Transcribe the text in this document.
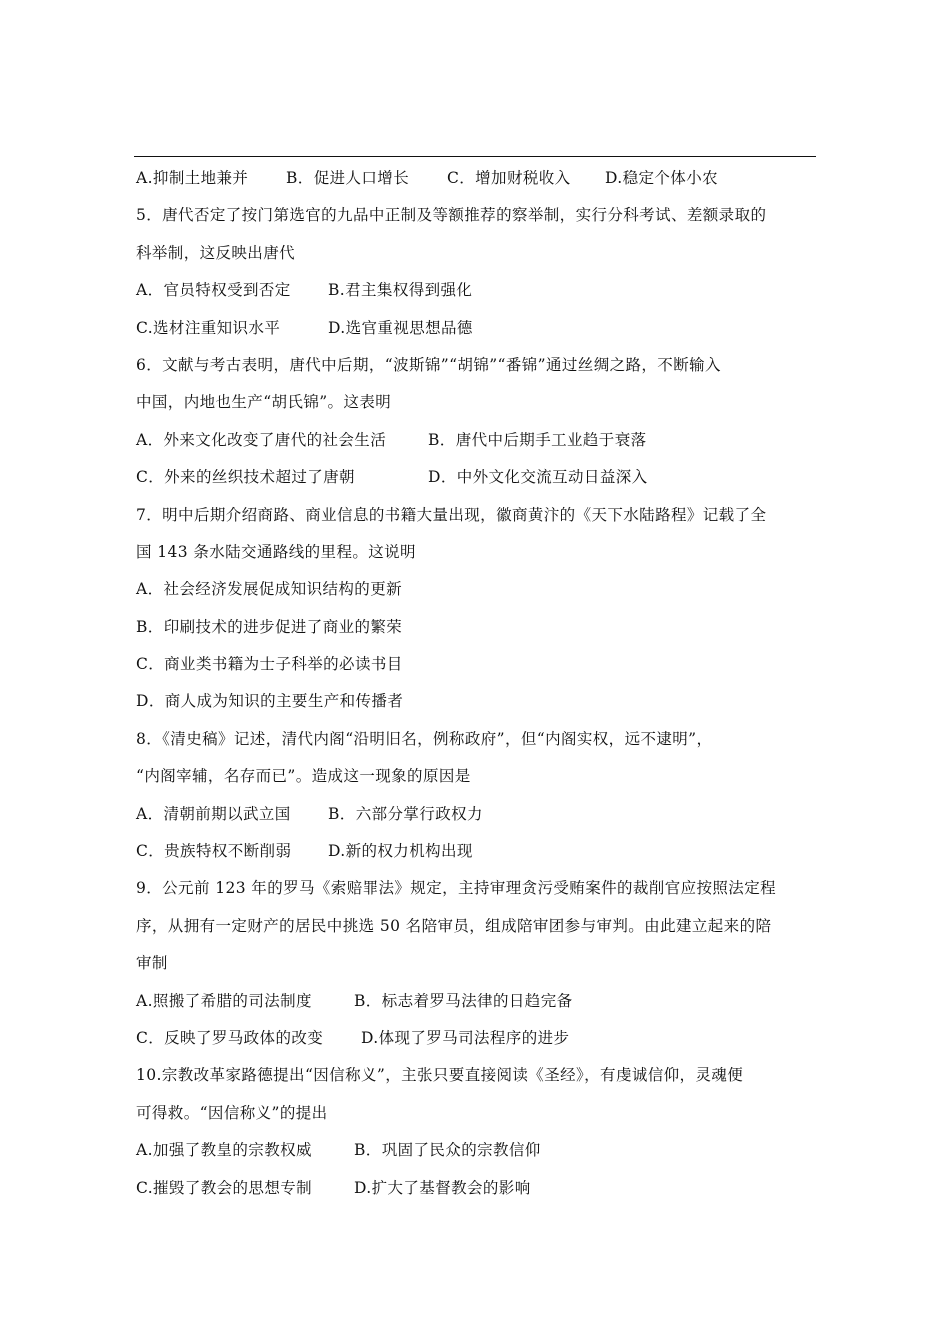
A.抑制土地兼并 B．促进人口增长 C．增加财税收入 D.稳定个体小农
5．唐代否定了按门第选官的九品中正制及等额推荐的察举制，实行分科考试、差额录取的
科举制，这反映出唐代
A．官员特权受到否定 B.君主集权得到强化
C.选材注重知识水平	D.选官重视思想品德
6．文献与考古表明，唐代中后期，“波斯锦”“胡锦”“番锦”通过丝绸之路，不断输入
中国，内地也生产“胡氏锦”。这表明
A．外来文化改变了唐代的社会生活	B．唐代中后期手工业趋于衰落
C．外来的丝织技术超过了唐朝	D．中外文化交流互动日益深入
7．明中后期介绍商路、商业信息的书籍大量出现，徽商黄汴的《天下水陆路程》记载了全
国 143 条水陆交通路线的里程。这说明
A．社会经济发展促成知识结构的更新
B．印刷技术的进步促进了商业的繁荣
C．商业类书籍为士子科举的必读书目
D．商人成为知识的主要生产和传播者
8．《清史稿》记述，清代内阁“沿明旧名，例称政府”，但“内阁实权，远不逮明”，
“内阁宰辅，名存而已”。造成这一现象的原因是
A．清朝前期以武立国 B．六部分掌行政权力
C．贵族特权不断削弱 D.新的权力机构出现
9．公元前 123 年的罗马《索赔罪法》规定，主持审理贪污受贿案件的裁削官应按照法定程
序，从拥有一定财产的居民中挑选 50 名陪审员，组成陪审团参与审判。由此建立起来的陪
审制
A.照搬了希腊的司法制度	B．标志着罗马法律的日趋完备
C．反映了罗马政体的改变 D.体现了罗马司法程序的进步
10.宗教改革家路德提出“因信称义”，主张只要直接阅读《圣经》，有虔诚信仰，灵魂便
可得救。“因信称义”的提出
A.加强了教皇的宗教权威	B．巩固了民众的宗教信仰
C.摧毁了教会的思想专制	D.扩大了基督教会的影响
